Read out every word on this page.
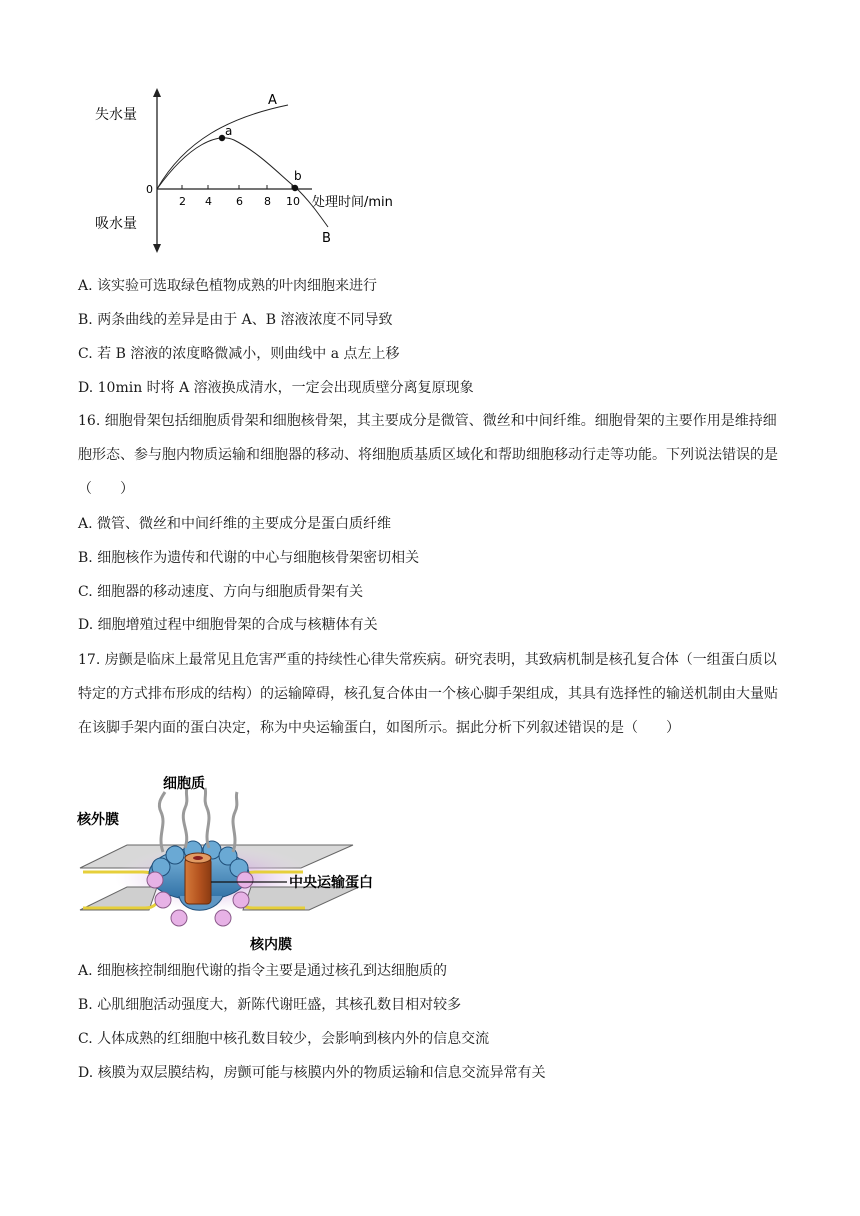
失水量
吸水量
0
2 4 6 8 10 处理时间/min
A
B
a
b
A. 该实验可选取绿色植物成熟的叶肉细胞来进行
B. 两条曲线的差异是由于 A、B 溶液浓度不同导致
C. 若 B 溶液的浓度略微减小，则曲线中 a 点左上移
D. 10min 时将 A 溶液换成清水，一定会出现质壁分离复原现象
16. 细胞骨架包括细胞质骨架和细胞核骨架，其主要成分是微管、微丝和中间纤维。细胞骨架的主要作用是维持细胞形态、参与胞内物质运输和细胞器的移动、将细胞质基质区域化和帮助细胞移动行走等功能。下列说法错误的是（　　）
A. 微管、微丝和中间纤维的主要成分是蛋白质纤维
B. 细胞核作为遗传和代谢的中心与细胞核骨架密切相关
C. 细胞器的移动速度、方向与细胞质骨架有关
D. 细胞增殖过程中细胞骨架的合成与核糖体有关
17. 房颤是临床上最常见且危害严重的持续性心律失常疾病。研究表明，其致病机制是核孔复合体（一组蛋白质以特定的方式排布形成的结构）的运输障碍，核孔复合体由一个核心脚手架组成，其具有选择性的输送机制由大量贴在该脚手架内面的蛋白决定，称为中央运输蛋白，如图所示。据此分析下列叙述错误的是（　　）
细胞质
核外膜
中央运输蛋白
核内膜
A. 细胞核控制细胞代谢的指令主要是通过核孔到达细胞质的
B. 心肌细胞活动强度大，新陈代谢旺盛，其核孔数目相对较多
C. 人体成熟的红细胞中核孔数目较少，会影响到核内外的信息交流
D. 核膜为双层膜结构，房颤可能与核膜内外的物质运输和信息交流异常有关
